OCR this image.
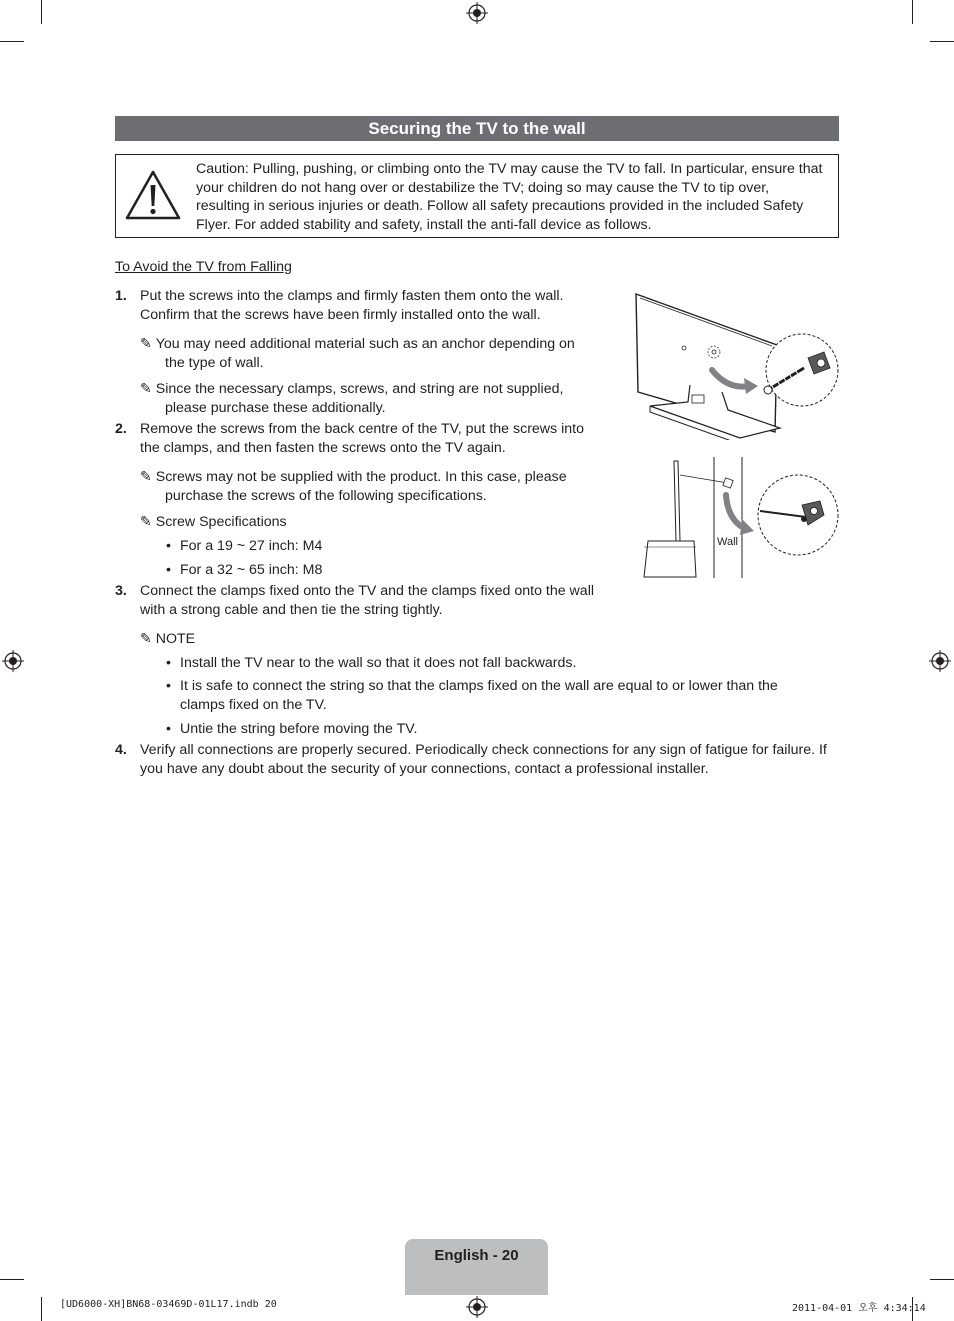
Securing the TV to the wall
Caution: Pulling, pushing, or climbing onto the TV may cause the TV to fall. In particular, ensure that your children do not hang over or destabilize the TV; doing so may cause the TV to tip over, resulting in serious injuries or death. Follow all safety precautions provided in the included Safety Flyer. For added stability and safety, install the anti-fall device as follows.
To Avoid the TV from Falling
1. Put the screws into the clamps and firmly fasten them onto the wall.
Confirm that the screws have been firmly installed onto the wall.
✎ You may need additional material such as an anchor depending on
the type of wall.
✎ Since the necessary clamps, screws, and string are not supplied,
please purchase these additionally.
2. Remove the screws from the back centre of the TV, put the screws into
the clamps, and then fasten the screws onto the TV again.
✎ Screws may not be supplied with the product. In this case, please
purchase the screws of the following specifications.
✎ Screw Specifications
• For a 19 ~ 27 inch: M4
• For a 32 ~ 65 inch: M8
3. Connect the clamps fixed onto the TV and the clamps fixed onto the wall
with a strong cable and then tie the string tightly.
✎ NOTE
• Install the TV near to the wall so that it does not fall backwards.
• It is safe to connect the string so that the clamps fixed on the wall are equal to or lower than the
clamps fixed on the TV.
• Untie the string before moving the TV.
4. Verify all connections are properly secured. Periodically check connections for any sign of fatigue for failure. If
you have any doubt about the security of your connections, contact a professional installer.
Wall
English - 20
[UD6000-XH]BN68-03469D-01L17.indb 20	2011-04-01 오후 4:34:14
